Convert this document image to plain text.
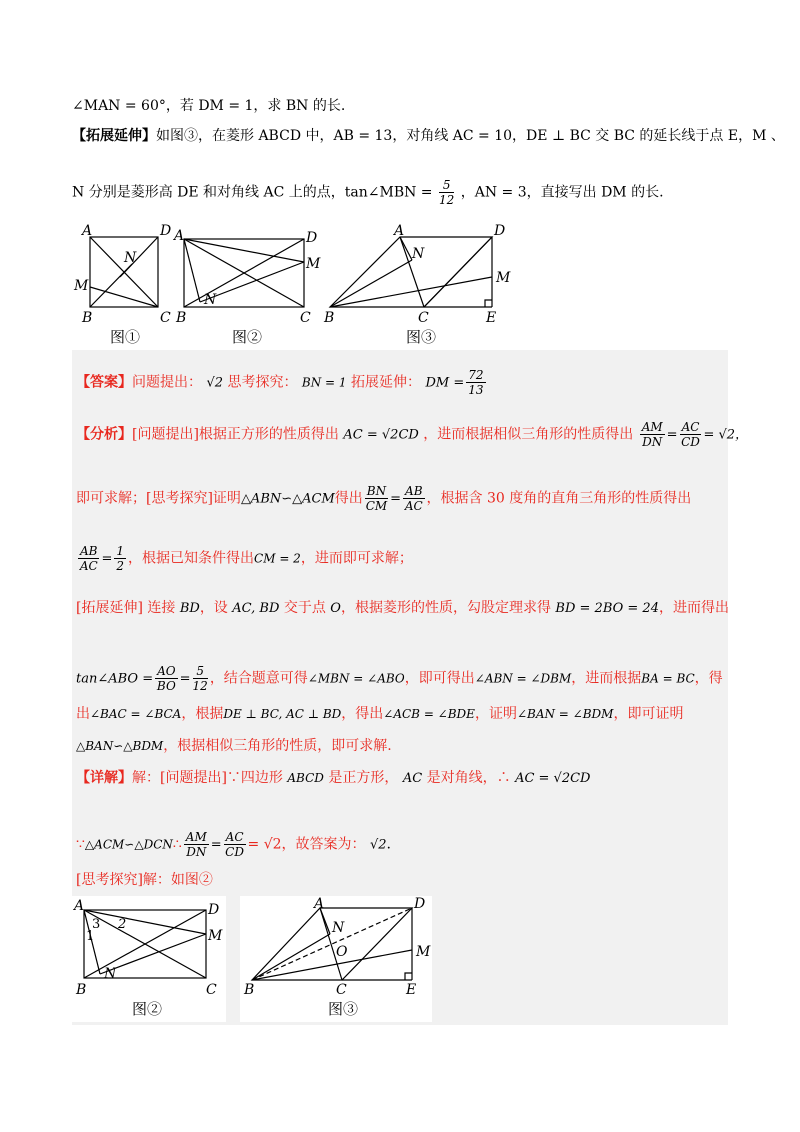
∠MAN = 60°，若 DM = 1，求 BN 的长.
【拓展延伸】如图③，在菱形 ABCD 中，AB = 13，对角线 AC = 10，DE ⊥ BC 交 BC 的延长线于点 E，M 、
N 分别是菱形高 DE 和对角线 AC 上的点，tan∠MBN = $\frac{5}{12}$ ，AN = 3，直接写出 DM 的长.
A	D
N
M
B	C
图①
A	D
M
N
B	C
图②
A	D
N
M
B	C	E
图③
【答案】问题提出： √2 思考探究： BN = 1 拓展延伸： DM = $\frac{72}{13}$
【分析】[问题提出]根据正方形的性质得出 AC = √2CD ，进而根据相似三角形的性质得出 $\frac{AM}{DN} = \frac{AC}{CD} = √2$，
即可求解；[思考探究]证明△ABN∽△ACM得出 $\frac{BN}{CM} = \frac{AB}{AC}$ ，根据含 30 度角的直角三角形的性质得出
$\frac{AB}{AC} = \frac{1}{2}$ ，根据已知条件得出CM = 2，进而即可求解；
[拓展延伸] 连接 BD，设 AC, BD 交于点 O，根据菱形的性质，勾股定理求得 BD = 2BO = 24，进而得出
tan∠ABO = $\frac{AO}{BO} = \frac{5}{12}$ ，结合题意可得∠MBN = ∠ABO，即可得出∠ABN = ∠DBM，进而根据BA = BC，得
出∠BAC = ∠BCA，根据DE ⊥ BC, AC ⊥ BD，得出∠ACB = ∠BDE，证明∠BAN = ∠BDM，即可证明
△BAN∽△BDM，根据相似三角形的性质，即可求解.
【详解】解：[问题提出]∵四边形 ABCD 是正方形， AC 是对角线，∴ AC = √2CD
∵△ACM∽△DCN∴ $\frac{AM}{DN} = \frac{AC}{CD} = √2$，故答案为： √2.
[思考探究]解：如图②
A	D
M
N
B	C
3 2
1
图②
A	D
N
O	M
B	C	E
图③
